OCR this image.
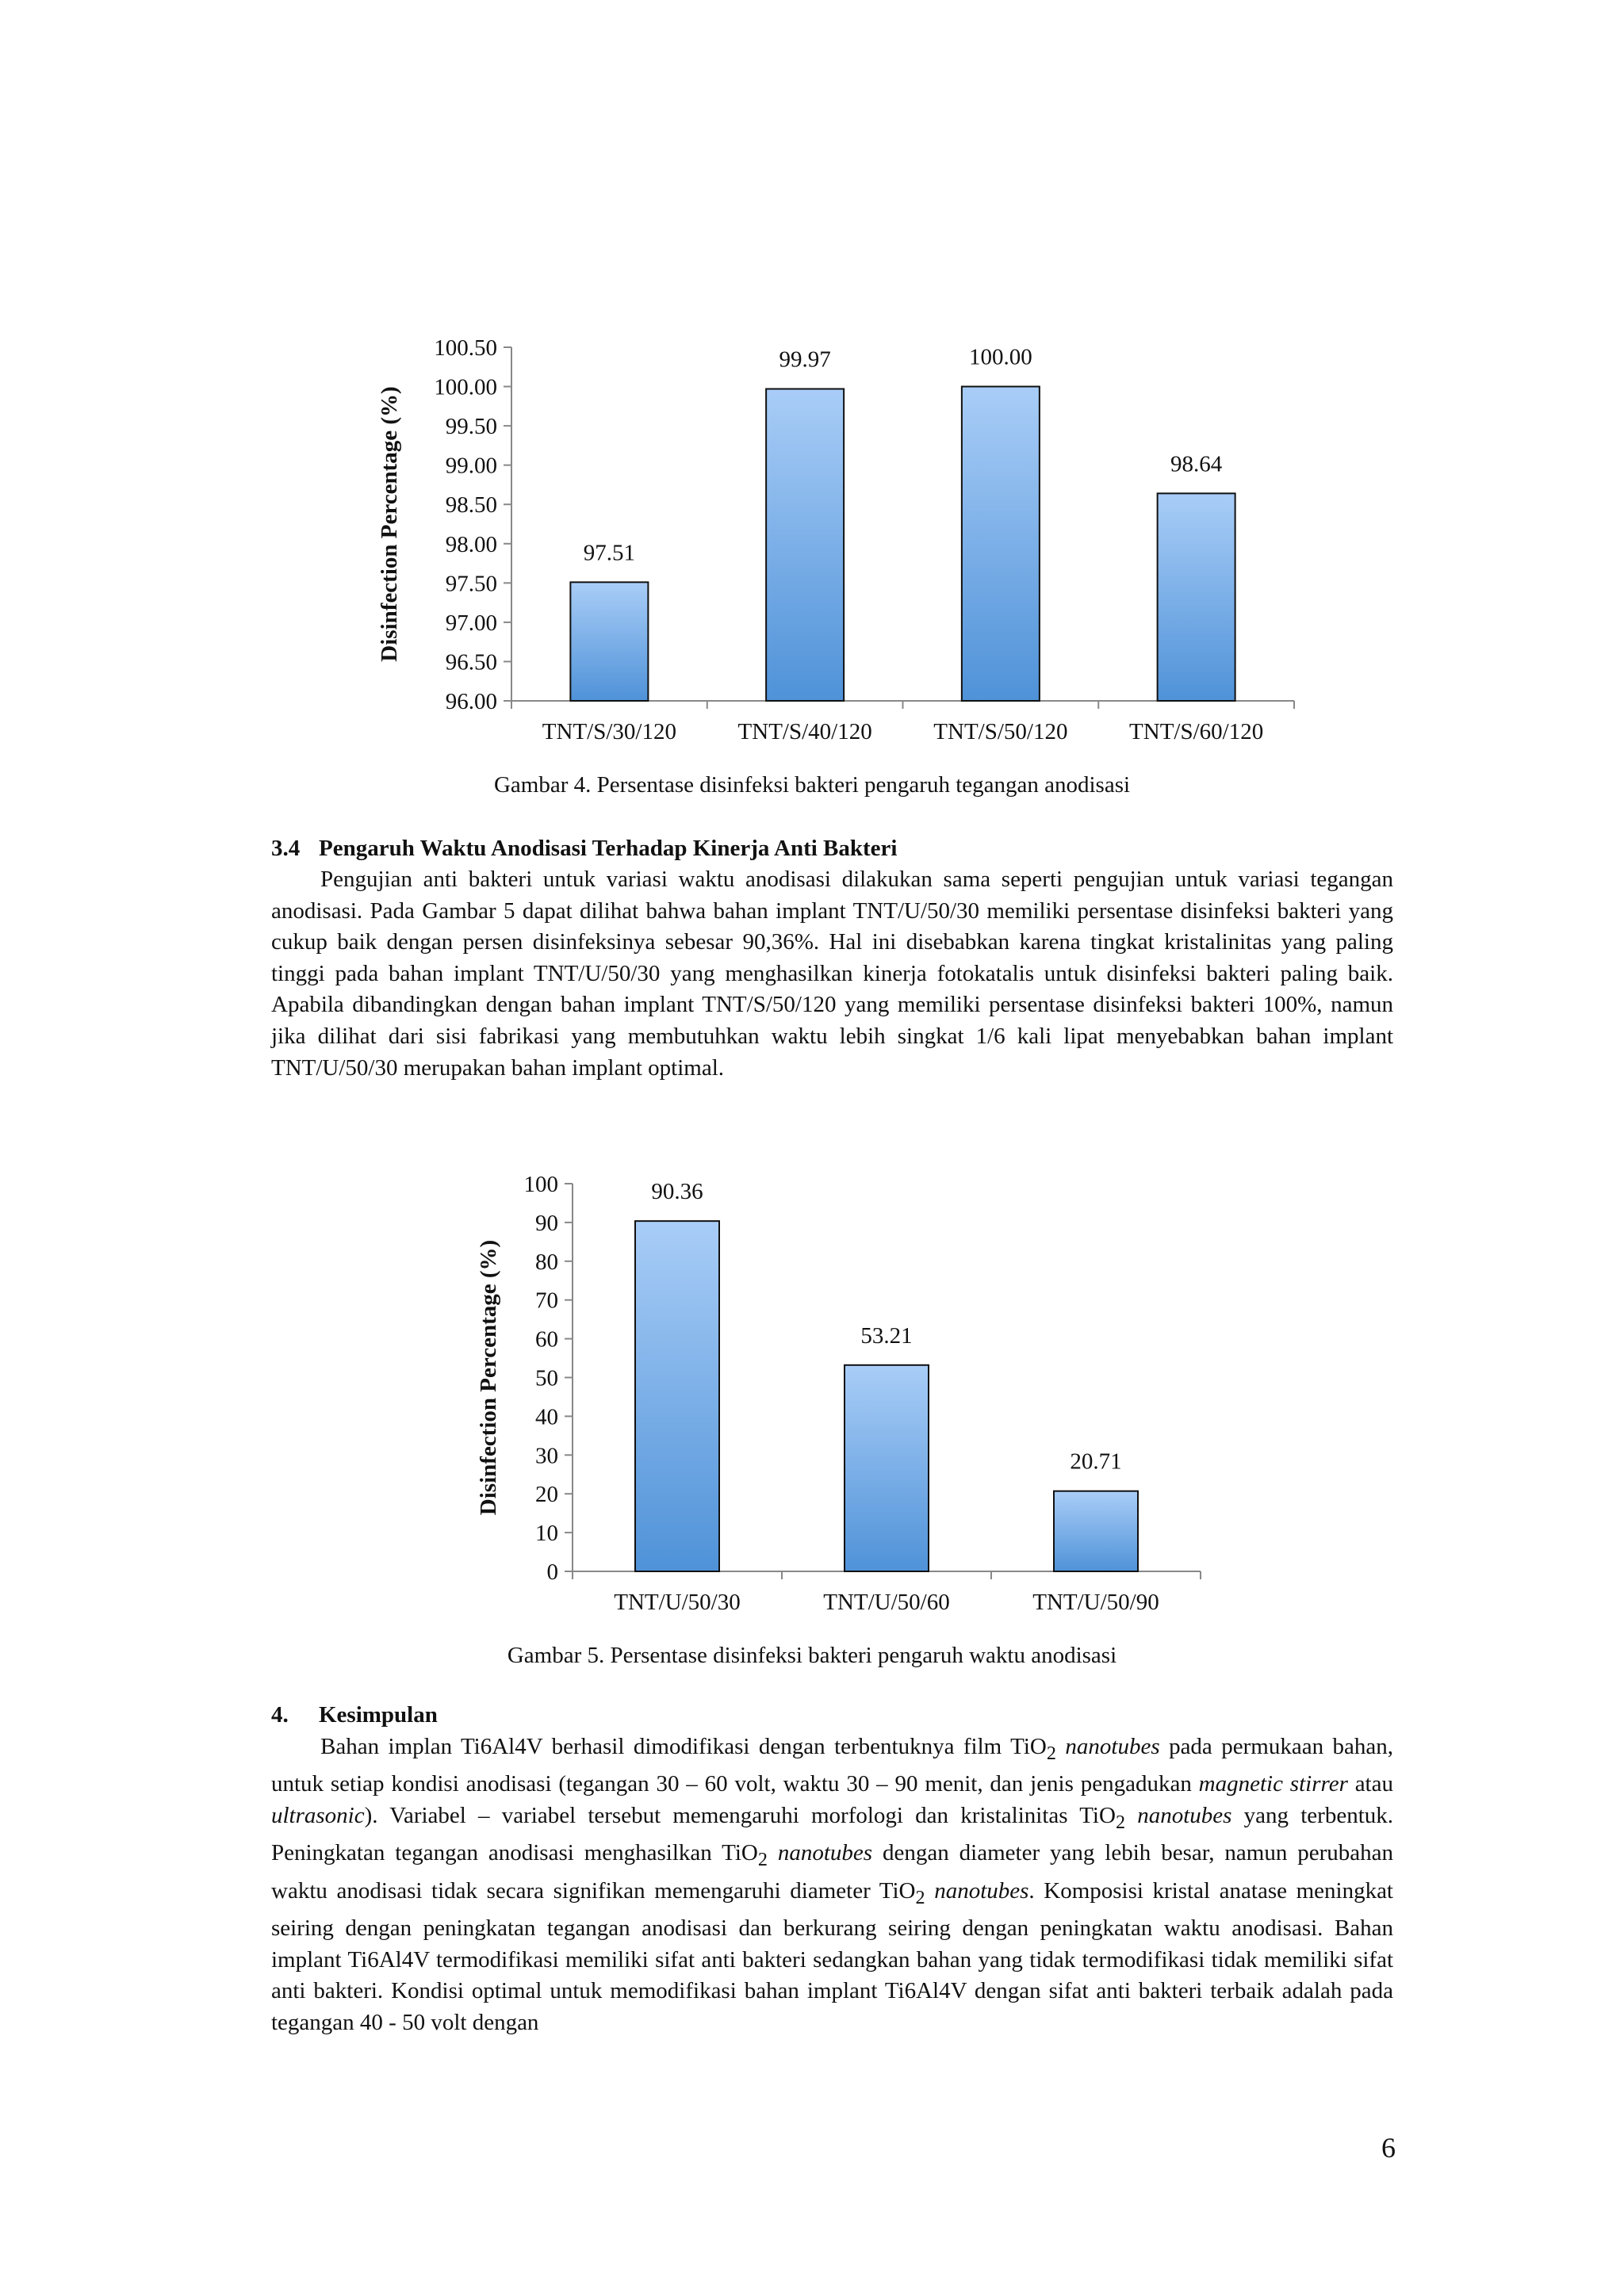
96.00
96.50
97.00
97.50
98.00
98.50
99.00
99.50
100.00
100.50
97.51
TNT/S/30/120
99.97
TNT/S/40/120
100.00
TNT/S/50/120
98.64
TNT/S/60/120
Disinfection Percentage (%)
Gambar 4. Persentase disinfeksi bakteri pengaruh tegangan anodisasi
3.4 Pengaruh Waktu Anodisasi Terhadap Kinerja Anti Bakteri

Pengujian anti bakteri untuk variasi waktu anodisasi dilakukan sama seperti pengujian untuk variasi tegangan anodisasi. Pada Gambar 5 dapat dilihat bahwa bahan implant TNT/U/50/30 memiliki persentase disinfeksi bakteri yang cukup baik dengan persen disinfeksinya sebesar 90,36%. Hal ini disebabkan karena tingkat kristalinitas yang paling tinggi pada bahan implant TNT/U/50/30 yang menghasilkan kinerja fotokatalis untuk disinfeksi bakteri paling baik. Apabila dibandingkan dengan bahan implant TNT/S/50/120 yang memiliki persentase disinfeksi bakteri 100%, namun jika dilihat dari sisi fabrikasi yang membutuhkan waktu lebih singkat 1/6 kali lipat menyebabkan bahan implant TNT/U/50/30 merupakan bahan implant optimal.

0
10
20
30
40
50
60
70
80
90
100	90.36
TNT/U/50/30
53.21
TNT/U/50/60
20.71
TNT/U/50/90
Disinfection Percentage (%)
Gambar 5. Persentase disinfeksi bakteri pengaruh waktu anodisasi
4. Kesimpulan

Bahan implan Ti6Al4V berhasil dimodifikasi dengan terbentuknya film TiO$_2$ nanotubes pada permukaan bahan, untuk setiap kondisi anodisasi (tegangan 30 – 60 volt, waktu 30 – 90 menit, dan jenis pengadukan magnetic stirrer atau ultrasonic). Variabel – variabel tersebut memengaruhi morfologi dan kristalinitas TiO$_2$ nanotubes yang terbentuk. Peningkatan tegangan anodisasi menghasilkan TiO$_2$ nanotubes dengan diameter yang lebih besar, namun perubahan waktu anodisasi tidak secara signifikan memengaruhi diameter TiO$_2$ nanotubes. Komposisi kristal anatase meningkat seiring dengan peningkatan tegangan anodisasi dan berkurang seiring dengan peningkatan waktu anodisasi. Bahan implant Ti6Al4V termodifikasi memiliki sifat anti bakteri sedangkan bahan yang tidak termodifikasi tidak memiliki sifat anti bakteri. Kondisi optimal untuk memodifikasi bahan implant Ti6Al4V dengan sifat anti bakteri terbaik adalah pada tegangan 40 - 50 volt dengan

6
